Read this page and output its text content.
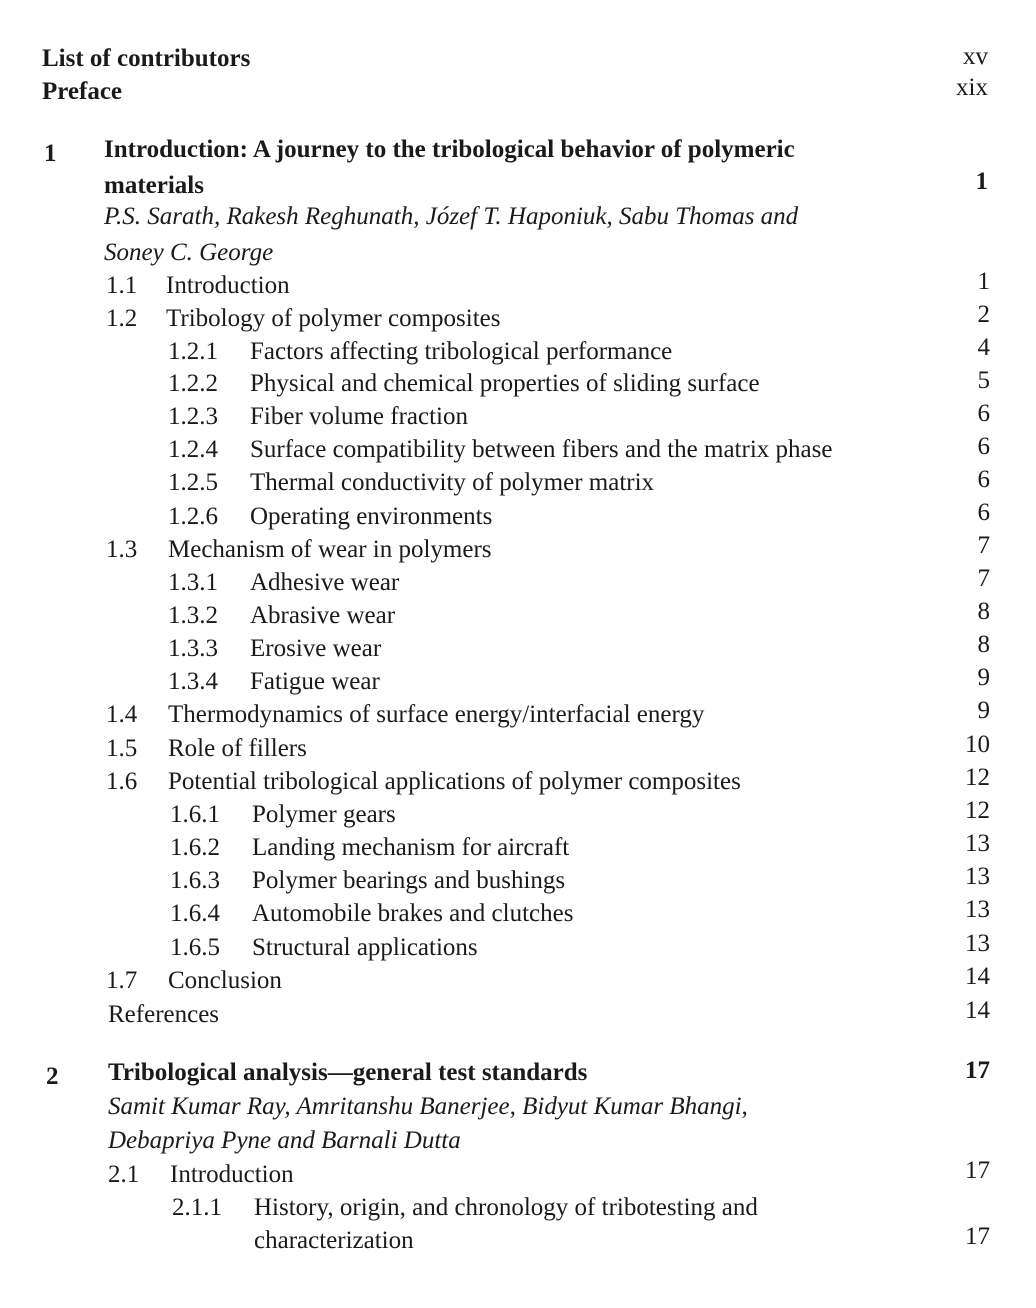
List of contributors	xv
Preface	xix
1 Introduction: A journey to the tribological behavior of polymeric
materials	1
P.S. Sarath, Rakesh Reghunath, Józef T. Haponiuk, Sabu Thomas and
Soney C. George
1.1 Introduction	1
1.2 Tribology of polymer composites	2
1.2.1 Factors affecting tribological performance	4
1.2.2 Physical and chemical properties of sliding surface	5
1.2.3 Fiber volume fraction	6
1.2.4 Surface compatibility between fibers and the matrix phase	6
1.2.5 Thermal conductivity of polymer matrix	6
1.2.6 Operating environments	6
1.3 Mechanism of wear in polymers	7
1.3.1 Adhesive wear	7
1.3.2 Abrasive wear	8
1.3.3 Erosive wear	8
1.3.4 Fatigue wear	9
1.4 Thermodynamics of surface energy/interfacial energy	9
1.5 Role of fillers	10
1.6 Potential tribological applications of polymer composites	12
1.6.1 Polymer gears	12
1.6.2 Landing mechanism for aircraft	13
1.6.3 Polymer bearings and bushings	13
1.6.4 Automobile brakes and clutches	13
1.6.5 Structural applications	13
1.7 Conclusion	14
References	14
2 Tribological analysis—general test standards	17
Samit Kumar Ray, Amritanshu Banerjee, Bidyut Kumar Bhangi,
Debapriya Pyne and Barnali Dutta
2.1 Introduction	17
2.1.1 History, origin, and chronology of tribotesting and
characterization	17
